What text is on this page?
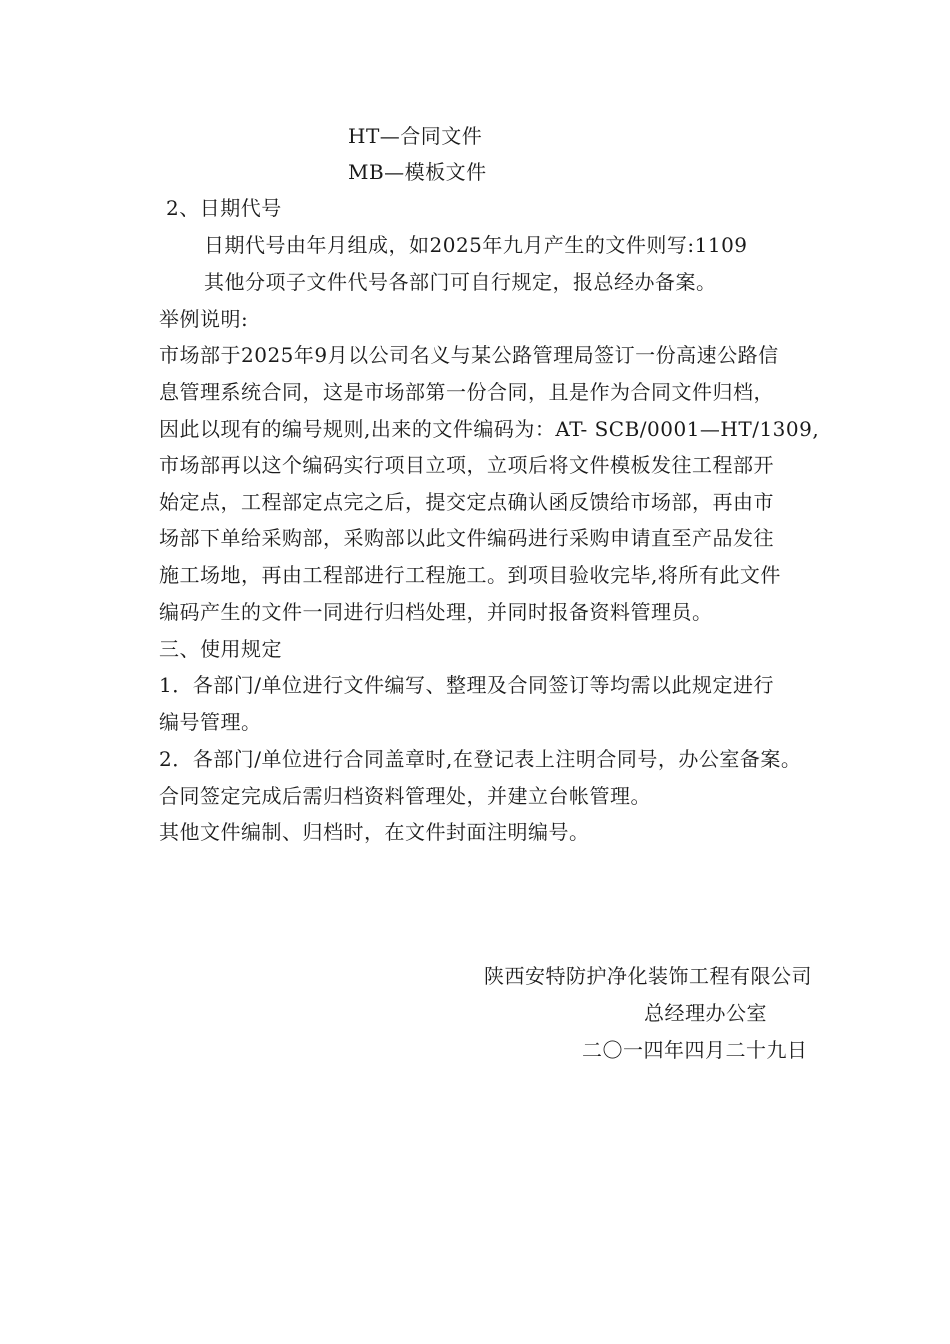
HT—合同文件
MB—模板文件
2、日期代号
日期代号由年月组成，如2025年九月产生的文件则写:1109
其他分项子文件代号各部门可自行规定，报总经办备案。
举例说明:
市场部于2025年9月以公司名义与某公路管理局签订一份高速公路信
息管理系统合同，这是市场部第一份合同，且是作为合同文件归档，
因此以现有的编号规则,出来的文件编码为：AT- SCB/0001—HT/1309,
市场部再以这个编码实行项目立项，立项后将文件模板发往工程部开
始定点，工程部定点完之后，提交定点确认函反馈给市场部，再由市
场部下单给采购部，采购部以此文件编码进行采购申请直至产品发往
施工场地，再由工程部进行工程施工。到项目验收完毕,将所有此文件
编码产生的文件一同进行归档处理，并同时报备资料管理员。
三、使用规定
1．各部门/单位进行文件编写、整理及合同签订等均需以此规定进行
编号管理。
2．各部门/单位进行合同盖章时,在登记表上注明合同号，办公室备案。
合同签定完成后需归档资料管理处，并建立台帐管理。
其他文件编制、归档时，在文件封面注明编号。
陕西安特防护净化装饰工程有限公司
总经理办公室
二〇一四年四月二十九日
